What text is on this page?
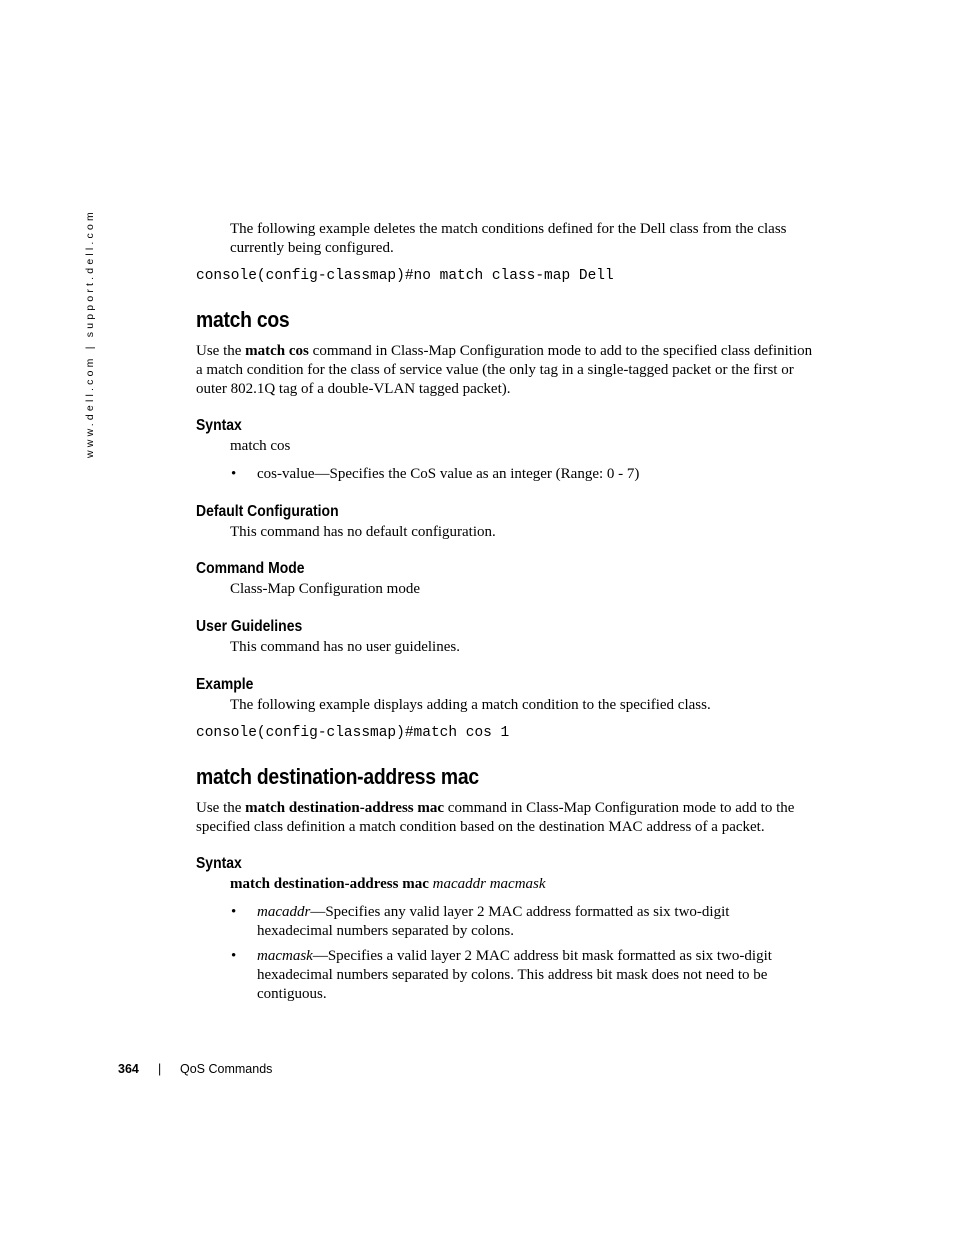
www.dell.com | support.dell.com	The following example deletes the match conditions defined for the Dell class from the class currently being configured.

console(config-classmap)#no match class-map Dell
match cos

Use the match cos command in Class-Map Configuration mode to add to the specified class definition a match condition for the class of service value (the only tag in a single-tagged packet or the first or outer 802.1Q tag of a double-VLAN tagged packet).

Syntax

match cos

• cos-value—Specifies the CoS value as an integer (Range: 0 - 7)

Default Configuration

This command has no default configuration.

Command Mode

Class-Map Configuration mode

User Guidelines

This command has no user guidelines.

Example

The following example displays adding a match condition to the specified class.

console(config-classmap)#match cos 1
match destination-address mac

Use the match destination-address mac command in Class-Map Configuration mode to add to the specified class definition a match condition based on the destination MAC address of a packet.

Syntax

match destination-address mac macaddr macmask

• macaddr—Specifies any valid layer 2 MAC address formatted as six two-digit hexadecimal numbers separated by colons.

• macmask—Specifies a valid layer 2 MAC address bit mask formatted as six two-digit hexadecimal numbers separated by colons. This address bit mask does not need to be contiguous.

364 | QoS Commands
